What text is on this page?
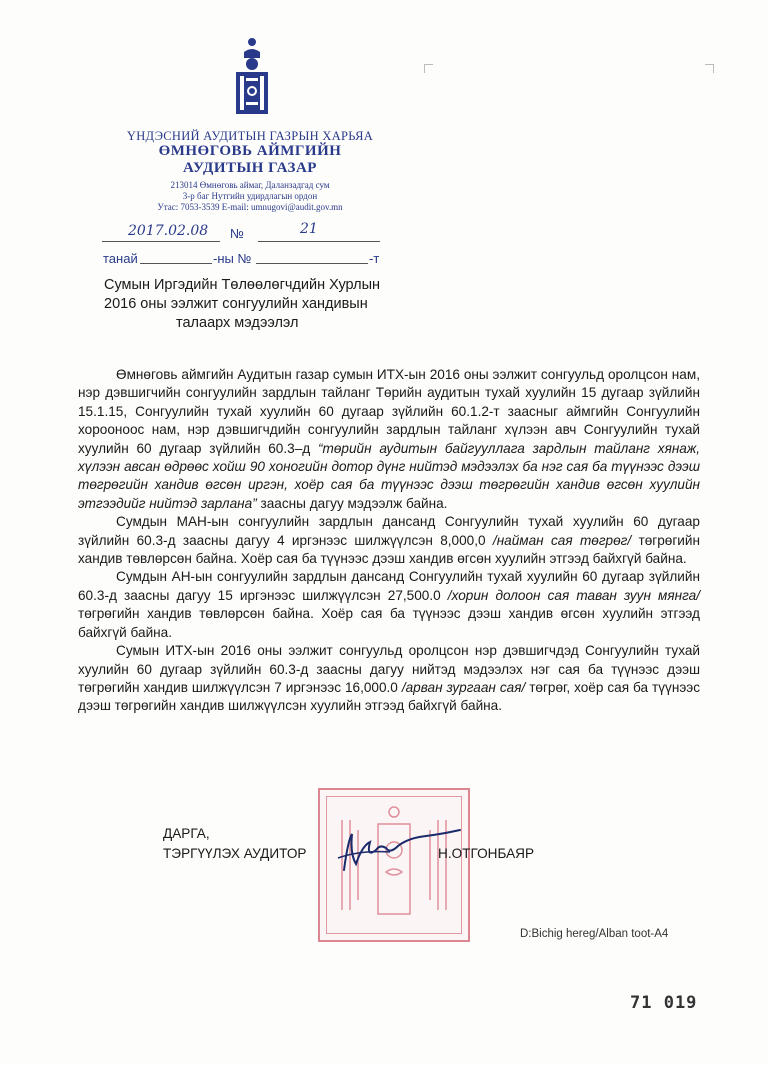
ҮНДЭСНИЙ АУДИТЫН ГАЗРЫН ХАРЬЯА
ӨМНӨГОВЬ АЙМГИЙН
АУДИТЫН ГАЗАР
213014 Өмнөговь аймаг, Даланзадгад сум
3-р баг Нутгийн удирдлагын ордон
Утас: 7053-3539 E-mail: umnugovi@audit.gov.mn
2017.02.08 №	21
танай	-ны №	-т
Сумын Иргэдийн Төлөөлөгчдийн Хурлын
2016 оны ээлжит сонгуулийн хандивын
талаарх мэдээлэл

Өмнөговь аймгийн Аудитын газар сумын ИТХ-ын 2016 оны ээлжит сонгуульд оролцсон нам, нэр дэвшигчийн сонгуулийн зардлын тайланг Төрийн аудитын тухай хуулийн 15 дугаар зүйлийн 15.1.15, Сонгуулийн тухай хуулийн 60 дугаар зүйлийн 60.1.2-т заасныг аймгийн Сонгуулийн хорооноос нам, нэр дэвшигчдийн сонгуулийн зардлын тайланг хүлээн авч Сонгуулийн тухай хуулийн 60 дугаар зүйлийн 60.3–д “төрийн аудитын байгууллага зардлын тайланг хянаж, хүлээн авсан өдрөөс хойш 90 хоногийн дотор дүнг нийтэд мэдээлэх ба нэг сая ба түүнээс дээш төгрөгийн хандив өгсөн иргэн, хоёр сая ба түүнээс дээш төгрөгийн хандив өгсөн хуулийн этгээдийг нийтэд зарлана” заасны дагуу мэдээлж байна.

Сумдын МАН-ын сонгуулийн зардлын дансанд Сонгуулийн тухай хуулийн 60 дугаар зүйлийн 60.3-д заасны дагуу 4 иргэнээс шилжүүлсэн 8,000,0 /найман сая төгрөг/ төгрөгийн хандив төвлөрсөн байна. Хоёр сая ба түүнээс дээш хандив өгсөн хуулийн этгээд байхгүй байна.

Сумдын АН-ын сонгуулийн зардлын дансанд Сонгуулийн тухай хуулийн 60 дугаар зүйлийн 60.3-д заасны дагуу 15 иргэнээс шилжүүлсэн 27,500.0 /хорин долоон сая таван зуун мянга/ төгрөгийн хандив төвлөрсөн байна. Хоёр сая ба түүнээс дээш хандив өгсөн хуулийн этгээд байхгүй байна.

Сумын ИТХ-ын 2016 оны ээлжит сонгуульд оролцсон нэр дэвшигчдэд Сонгуулийн тухай хуулийн 60 дугаар зүйлийн 60.3-д заасны дагуу нийтэд мэдээлэх нэг сая ба түүнээс дээш төгрөгийн хандив шилжүүлсэн 7 иргэнээс 16,000.0 /арван зургаан сая/ төгрөг, хоёр сая ба түүнээс дээш төгрөгийн хандив шилжүүлсэн хуулийн этгээд байхгүй байна.

ДАРГА,
ТЭРГҮҮЛЭХ АУДИТОР	Н.ОТГОНБАЯР
D:Bichig hereg/Alban toot-A4
71 019
